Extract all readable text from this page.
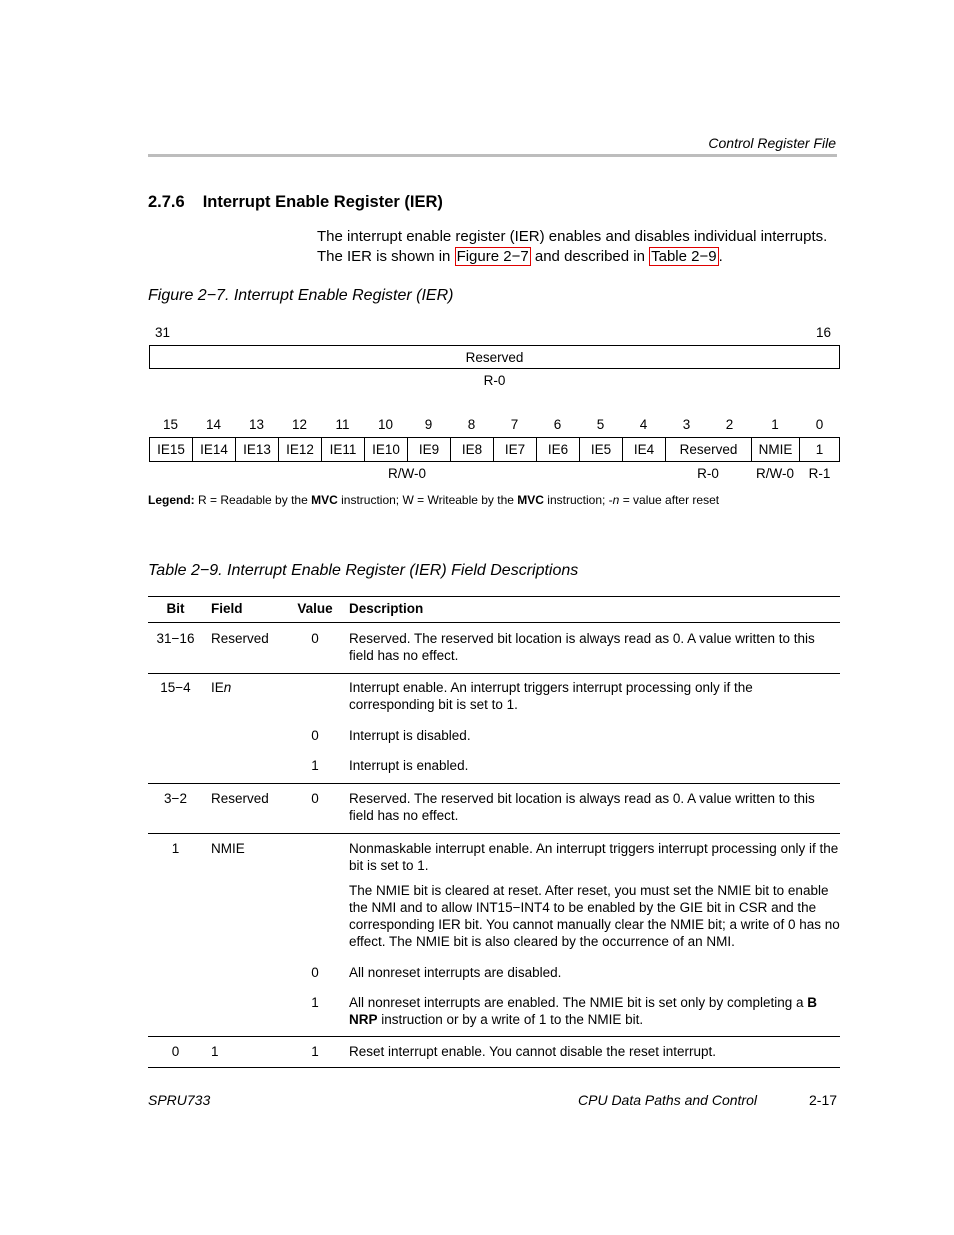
Control Register File
2.7.6 Interrupt Enable Register (IER)
The interrupt enable register (IER) enables and disables individual interrupts.
The IER is shown in Figure 2−7 and described in Table 2−9 .
Figure 2−7. Interrupt Enable Register (IER)
31	16
Reserved
R-0
15	14	13	12	11	10	9	8	7	6	5	4	3	2	1	0
IE15	IE14	IE13	IE12	IE11	IE10	IE9	IE8	IE7	IE6	IE5	IE4	Reserved	NMIE	1
R/W-0	R-0	R/W-0	R-1
Legend: R = Readable by the MVC instruction; W = Writeable by the MVC instruction; -n = value after reset
Table 2−9. Interrupt Enable Register (IER) Field Descriptions
Bit	Field	Value	Description
31−16	Reserved	0	Reserved. The reserved bit location is always read as 0. A value written to this field has no effect.
15−4	IEn		Interrupt enable. An interrupt triggers interrupt processing only if the corresponding bit is set to 1.
		0	Interrupt is disabled.
		1	Interrupt is enabled.
3−2	Reserved	0	Reserved. The reserved bit location is always read as 0. A value written to this field has no effect.
1	NMIE		Nonmaskable interrupt enable. An interrupt triggers interrupt processing only if the bit is set to 1.
The NMIE bit is cleared at reset. After reset, you must set the NMIE bit to enable the NMI and to allow INT15−INT4 to be enabled by the GIE bit in CSR and the corresponding IER bit. You cannot manually clear the NMIE bit; a write of 0 has no effect. The NMIE bit is also cleared by the occurrence of an NMI.

		0	All nonreset interrupts are disabled.
		1	All nonreset interrupts are enabled. The NMIE bit is set only by completing a B NRP instruction or by a write of 1 to the NMIE bit.
0	1	1	Reset interrupt enable. You cannot disable the reset interrupt.
SPRU733	CPU Data Paths and Control	2-17
